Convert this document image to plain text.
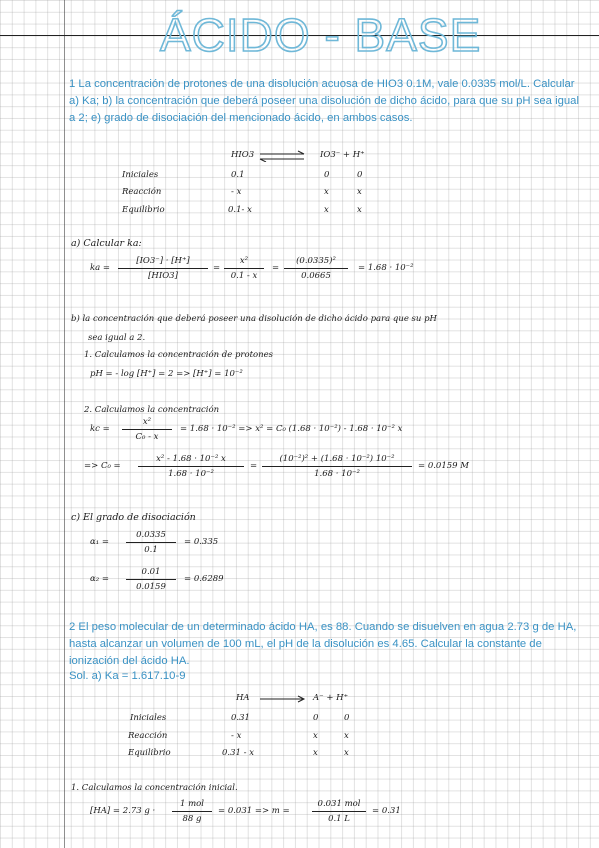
ÁCIDO - BASE
1 La concentración de protones de una disolución acuosa de HIO3 0.1M, vale 0.0335 mol/L. Calcular a) Ka; b) la concentración que deberá poseer una disolución de dicho ácido, para que su pH sea igual a 2; e) grado de disociación del mencionado ácido, en ambos casos.
HIO3 ⇌ IO3⁻ + H⁺
Iniciales	0.1	0	0
Reacción	- x	x	x
Equilibrio	0.1- x	x	x
a) Calcular ka:
ka =
[IO3⁻] · [H⁺]
[HIO3]
=
x²
0.1 - x
=
(0.0335)²
0.0665
= 1.68 · 10⁻²
b) la concentración que deberá poseer una disolución de dicho ácido para que su pH
sea igual a 2.
1. Calculamos la concentración de protones
pH = - log [H⁺] = 2 => [H⁺] = 10⁻²
2. Calculamos la concentración
kc =
x²
C₀ - x
= 1.68 · 10⁻² => x² = C₀ (1.68 · 10⁻²) - 1.68 · 10⁻² x
=> C₀ =
x² - 1.68 · 10⁻² x
1.68 · 10⁻²
=
(10⁻²)² + (1.68 · 10⁻²) 10⁻²
1.68 · 10⁻²
= 0.0159 M
c) El grado de disociación
α₁ =
0.0335
0.1
= 0.335
α₂ =
0.01
0.0159
= 0.6289
2 El peso molecular de un determinado ácido HA, es 88. Cuando se disuelven en agua 2.73 g de HA, hasta alcanzar un volumen de 100 mL, el pH de la disolución es 4.65. Calcular la constante de ionización del ácido HA.
Sol. a) Ka = 1.617.10-9
HA → A⁻ + H⁺
Iniciales	0.31	0	0
Reacción	- x	x	x
Equilibrio	0.31 - x	x	x
1. Calculamos la concentración inicial.
[HA] = 2.73 g ·
1 mol
88 g
= 0.031 => m =
0.031 mol
0.1 L
= 0.31
